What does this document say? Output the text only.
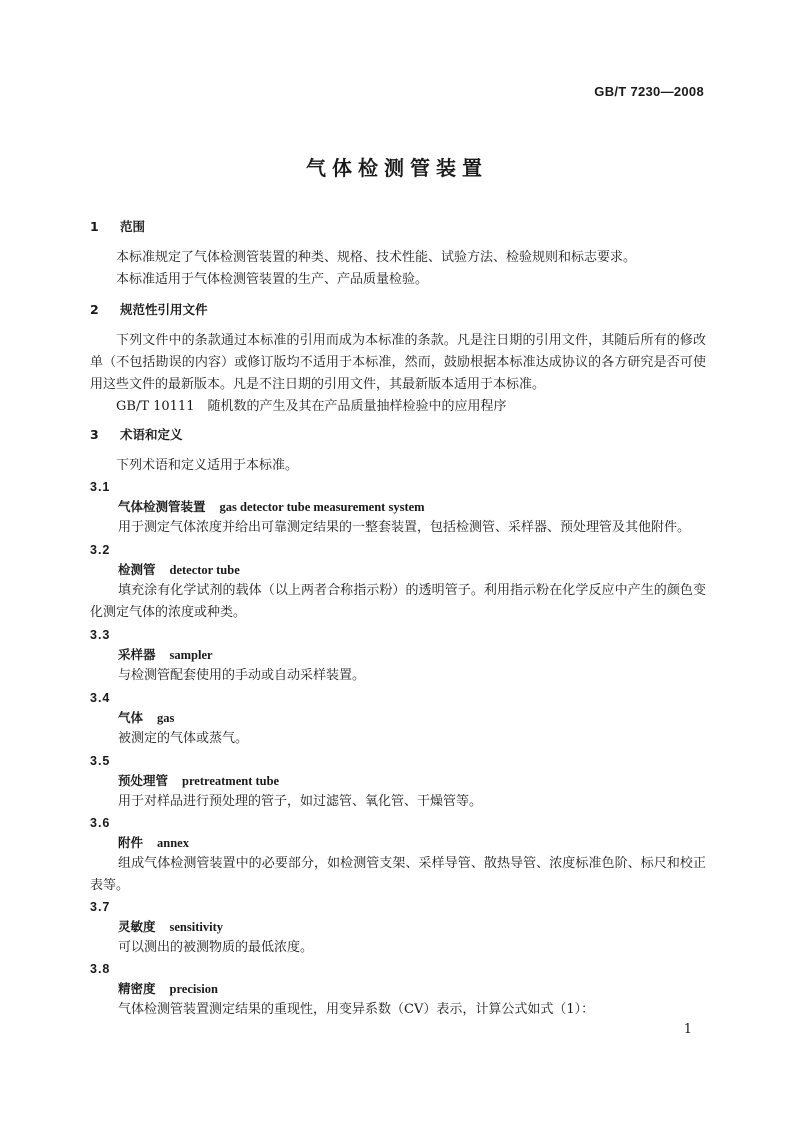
GB/T 7230—2008
气体检测管装置
1 范围
本标准规定了气体检测管装置的种类、规格、技术性能、试验方法、检验规则和标志要求。
本标准适用于气体检测管装置的生产、产品质量检验。
2 规范性引用文件
下列文件中的条款通过本标准的引用而成为本标准的条款。凡是注日期的引用文件，其随后所有的修改单（不包括勘误的内容）或修订版均不适用于本标准，然而，鼓励根据本标准达成协议的各方研究是否可使用这些文件的最新版本。凡是不注日期的引用文件，其最新版本适用于本标准。
GB/T 10111　随机数的产生及其在产品质量抽样检验中的应用程序
3 术语和定义
下列术语和定义适用于本标准。
3.1
气体检测管装置 gas detector tube measurement system
用于测定气体浓度并给出可靠测定结果的一整套装置，包括检测管、采样器、预处理管及其他附件。
3.2
检测管 detector tube
填充涂有化学试剂的载体（以上两者合称指示粉）的透明管子。利用指示粉在化学反应中产生的颜色变化测定气体的浓度或种类。
3.3
采样器 sampler
与检测管配套使用的手动或自动采样装置。
3.4
气体 gas
被测定的气体或蒸气。
3.5
预处理管 pretreatment tube
用于对样品进行预处理的管子，如过滤管、氧化管、干燥管等。
3.6
附件 annex
组成气体检测管装置中的必要部分，如检测管支架、采样导管、散热导管、浓度标准色阶、标尺和校正表等。
3.7
灵敏度 sensitivity
可以测出的被测物质的最低浓度。
3.8
精密度 precision
气体检测管装置测定结果的重现性，用变异系数（CV）表示，计算公式如式（1）：
1
